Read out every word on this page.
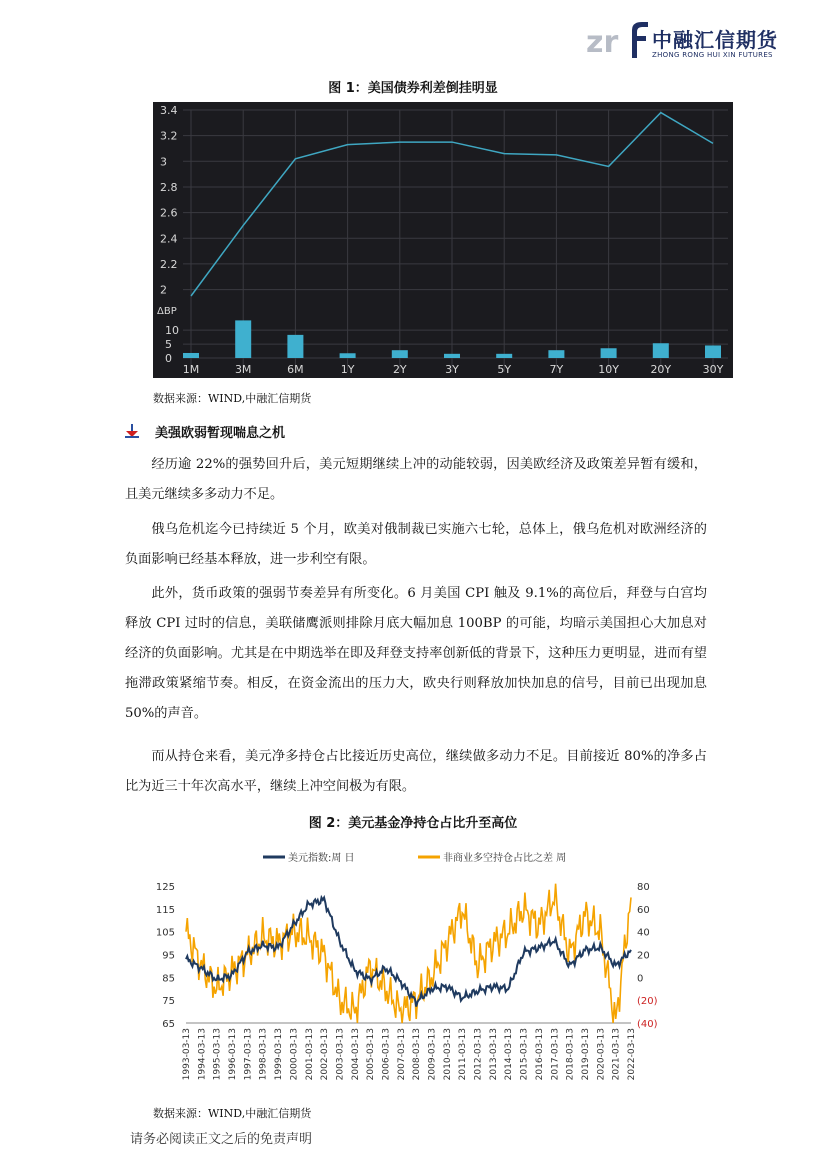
zr 中融汇信期货
ZHONG RONG HUI XIN FUTURES
图 1：美国债券利差倒挂明显
3.4
3.2
3
2.8
2.6
2.4
2.2
2
ΔBP
10
5
0
1M	3M	6M	1Y	2Y	3Y	5Y	7Y	10Y	20Y	30Y
数据来源：WIND,中融汇信期货
美强欧弱暂现喘息之机
经历逾 22%的强势回升后，美元短期继续上冲的动能较弱，因美欧经济及政策差异暂有缓和，且美元继续多多动力不足。
俄乌危机迄今已持续近 5 个月，欧美对俄制裁已实施六七轮，总体上，俄乌危机对欧洲经济的负面影响已经基本释放，进一步利空有限。
此外，货币政策的强弱节奏差异有所变化。6 月美国 CPI 触及 9.1%的高位后，拜登与白宫均释放 CPI 过时的信息，美联储鹰派则排除月底大幅加息 100BP 的可能，均暗示美国担心大加息对经济的负面影响。尤其是在中期选举在即及拜登支持率创新低的背景下，这种压力更明显，进而有望拖滞政策紧缩节奏。相反，在资金流出的压力大，欧央行则释放加快加息的信号，目前已出现加息 50%的声音。
而从持仓来看，美元净多持仓占比接近历史高位，继续做多动力不足。目前接近 80%的净多占比为近三十年次高水平，继续上冲空间极为有限。
图 2：美元基金净持仓占比升至高位
美元指数:周 日	非商业多空持仓占比之差 周
125
115
105
95
85
75
65
80
60
40
20
0
(20)
(40)
1993-03-13 1994-03-13 1995-03-13 1996-03-13 1997-03-13 1998-03-13 1999-03-13 2000-03-13 2001-03-13 2002-03-13 2003-03-13 2004-03-13 2005-03-13 2006-03-13 2007-03-13 2008-03-13 2009-03-13 2010-03-13 2011-03-13 2012-03-13 2013-03-13 2014-03-13 2015-03-13 2016-03-13 2017-03-13 2018-03-13 2019-03-13 2020-03-13 2021-03-13 2022-03-13
数据来源：WIND,中融汇信期货
请务必阅读正文之后的免责声明
